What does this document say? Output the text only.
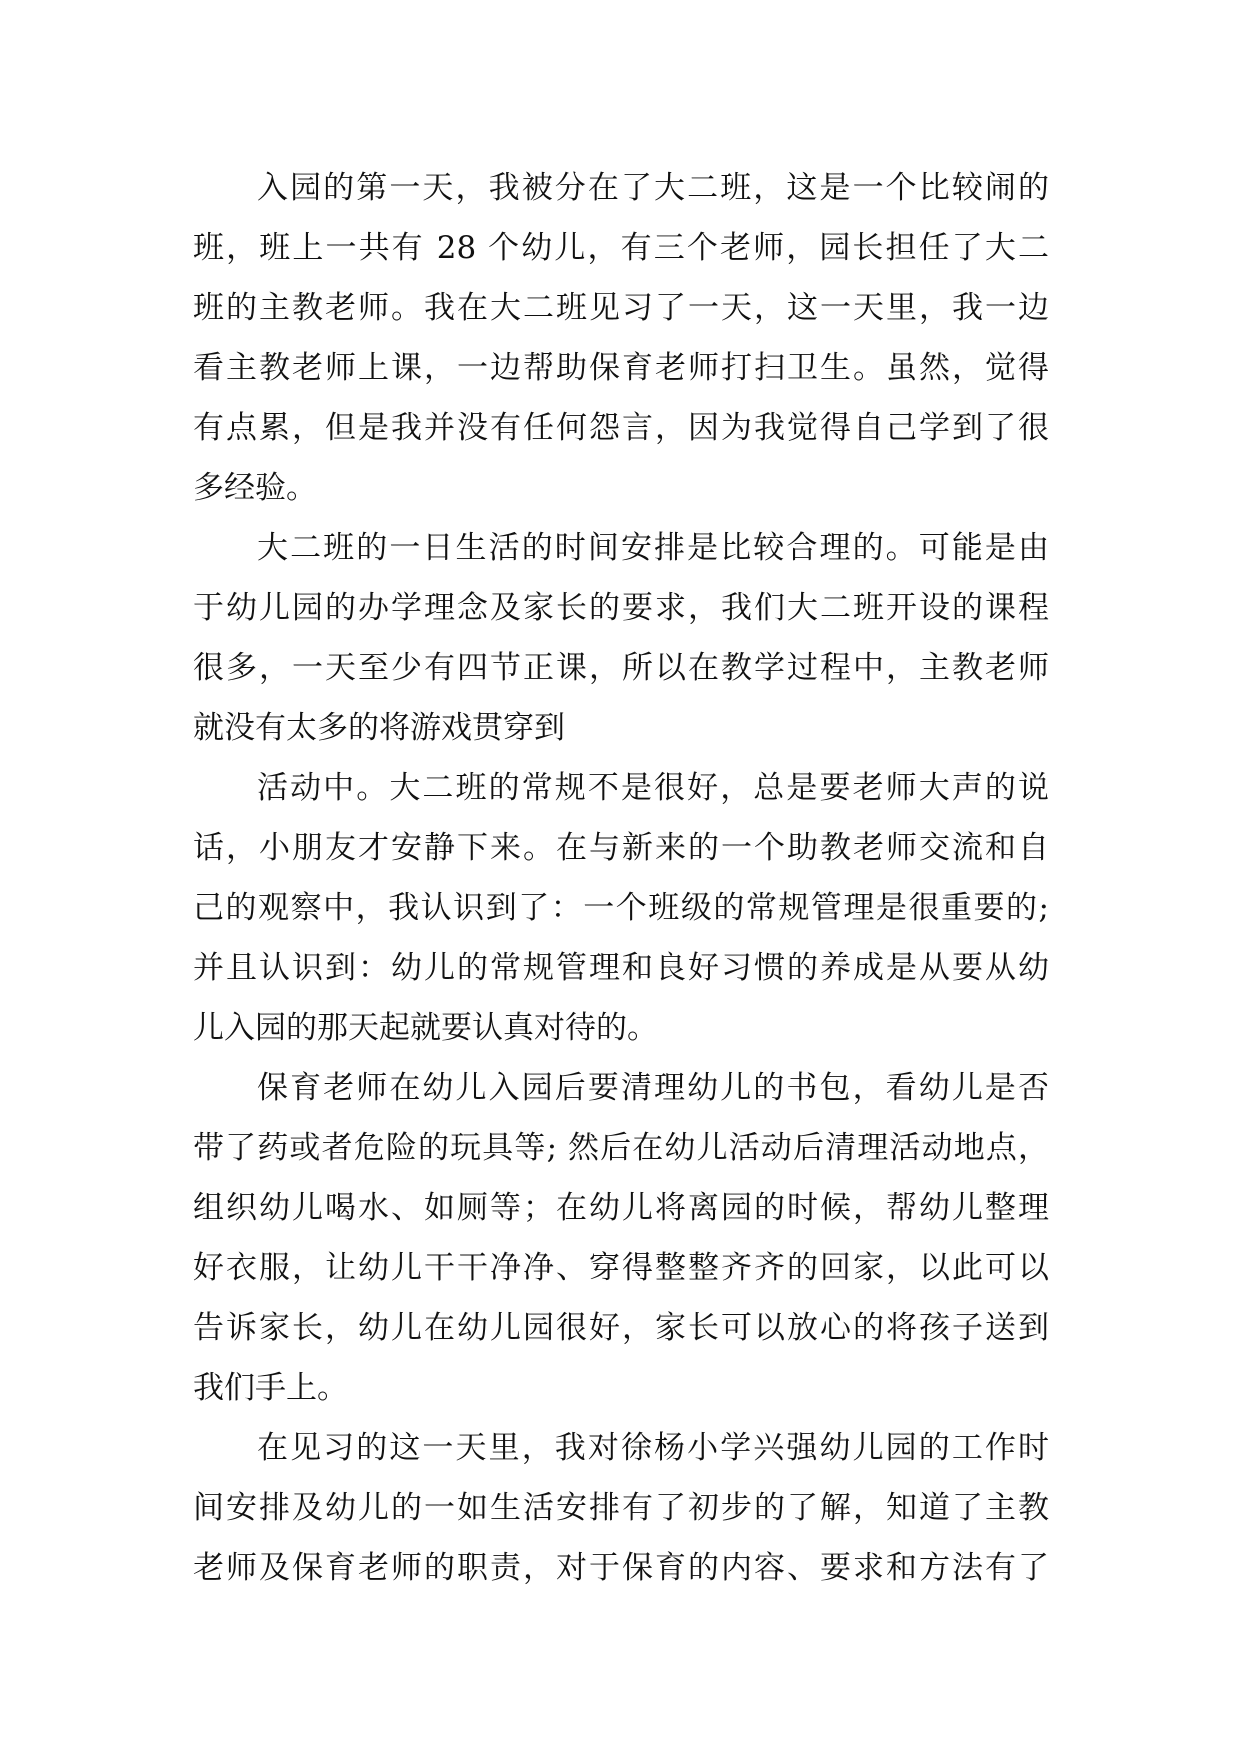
入园的第一天，我被分在了大二班，这是一个比较闹的
班，班上一共有 28 个幼儿，有三个老师，园长担任了大二
班的主教老师。我在大二班见习了一天，这一天里，我一边
看主教老师上课，一边帮助保育老师打扫卫生。虽然，觉得
有点累，但是我并没有任何怨言，因为我觉得自己学到了很
多经验。
大二班的一日生活的时间安排是比较合理的。可能是由
于幼儿园的办学理念及家长的要求，我们大二班开设的课程
很多，一天至少有四节正课，所以在教学过程中，主教老师
就没有太多的将游戏贯穿到
活动中。大二班的常规不是很好，总是要老师大声的说
话，小朋友才安静下来。在与新来的一个助教老师交流和自
己的观察中，我认识到了：一个班级的常规管理是很重要的;
并且认识到：幼儿的常规管理和良好习惯的养成是从要从幼
儿入园的那天起就要认真对待的。
保育老师在幼儿入园后要清理幼儿的书包，看幼儿是否
带了药或者危险的玩具等; 然后在幼儿活动后清理活动地点，
组织幼儿喝水、如厕等；在幼儿将离园的时候，帮幼儿整理
好衣服，让幼儿干干净净、穿得整整齐齐的回家，以此可以
告诉家长，幼儿在幼儿园很好，家长可以放心的将孩子送到
我们手上。
在见习的这一天里，我对徐杨小学兴强幼儿园的工作时
间安排及幼儿的一如生活安排有了初步的了解，知道了主教
老师及保育老师的职责，对于保育的内容、要求和方法有了
